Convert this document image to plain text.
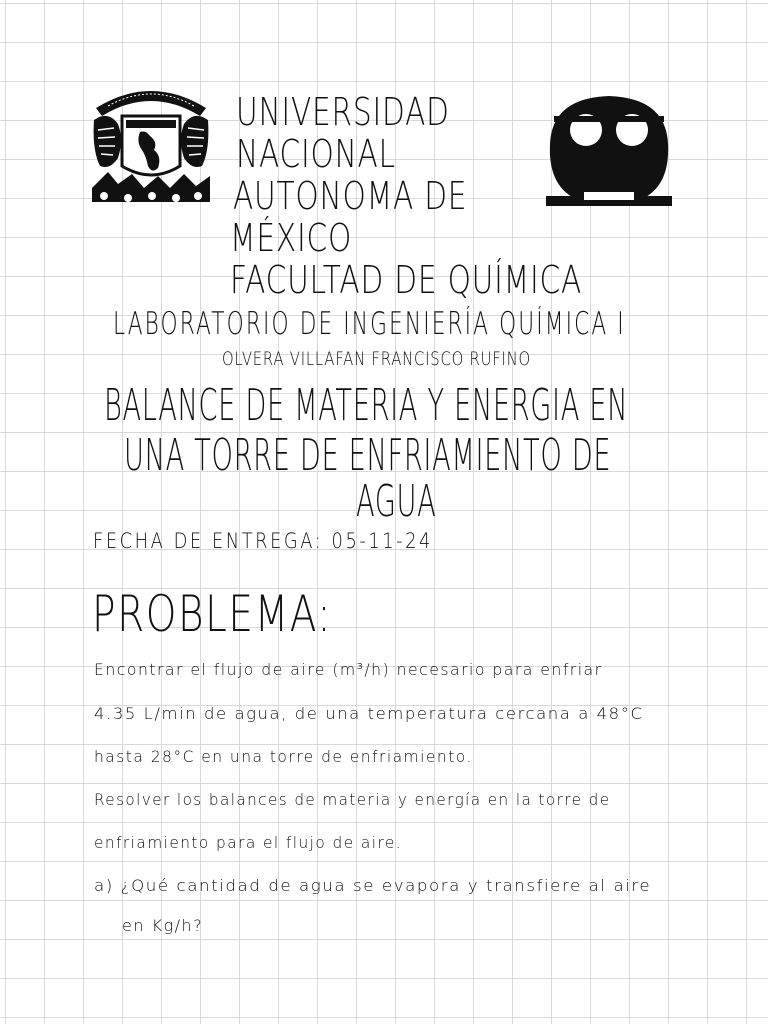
UNIVERSIDAD
NACIONAL
AUTONOMA DE
MÉXICO
FACULTAD DE QUÍMICA
LABORATORIO DE INGENIERÍA QUÍMICA I
OLVERA VILLAFAN FRANCISCO RUFINO
BALANCE DE MATERIA Y ENERGIA EN
UNA TORRE DE ENFRIAMIENTO DE
AGUA
FECHA DE ENTREGA: 05-11-24
PROBLEMA:
Encontrar el flujo de aire (m³/h) necesario para enfriar
4.35 L/min de agua, de una temperatura cercana a 48°C
hasta 28°C en una torre de enfriamiento.
Resolver los balances de materia y energía en la torre de
enfriamiento para el flujo de aire.
a) ¿Qué cantidad de agua se evapora y transfiere al aire
en Kg/h?
